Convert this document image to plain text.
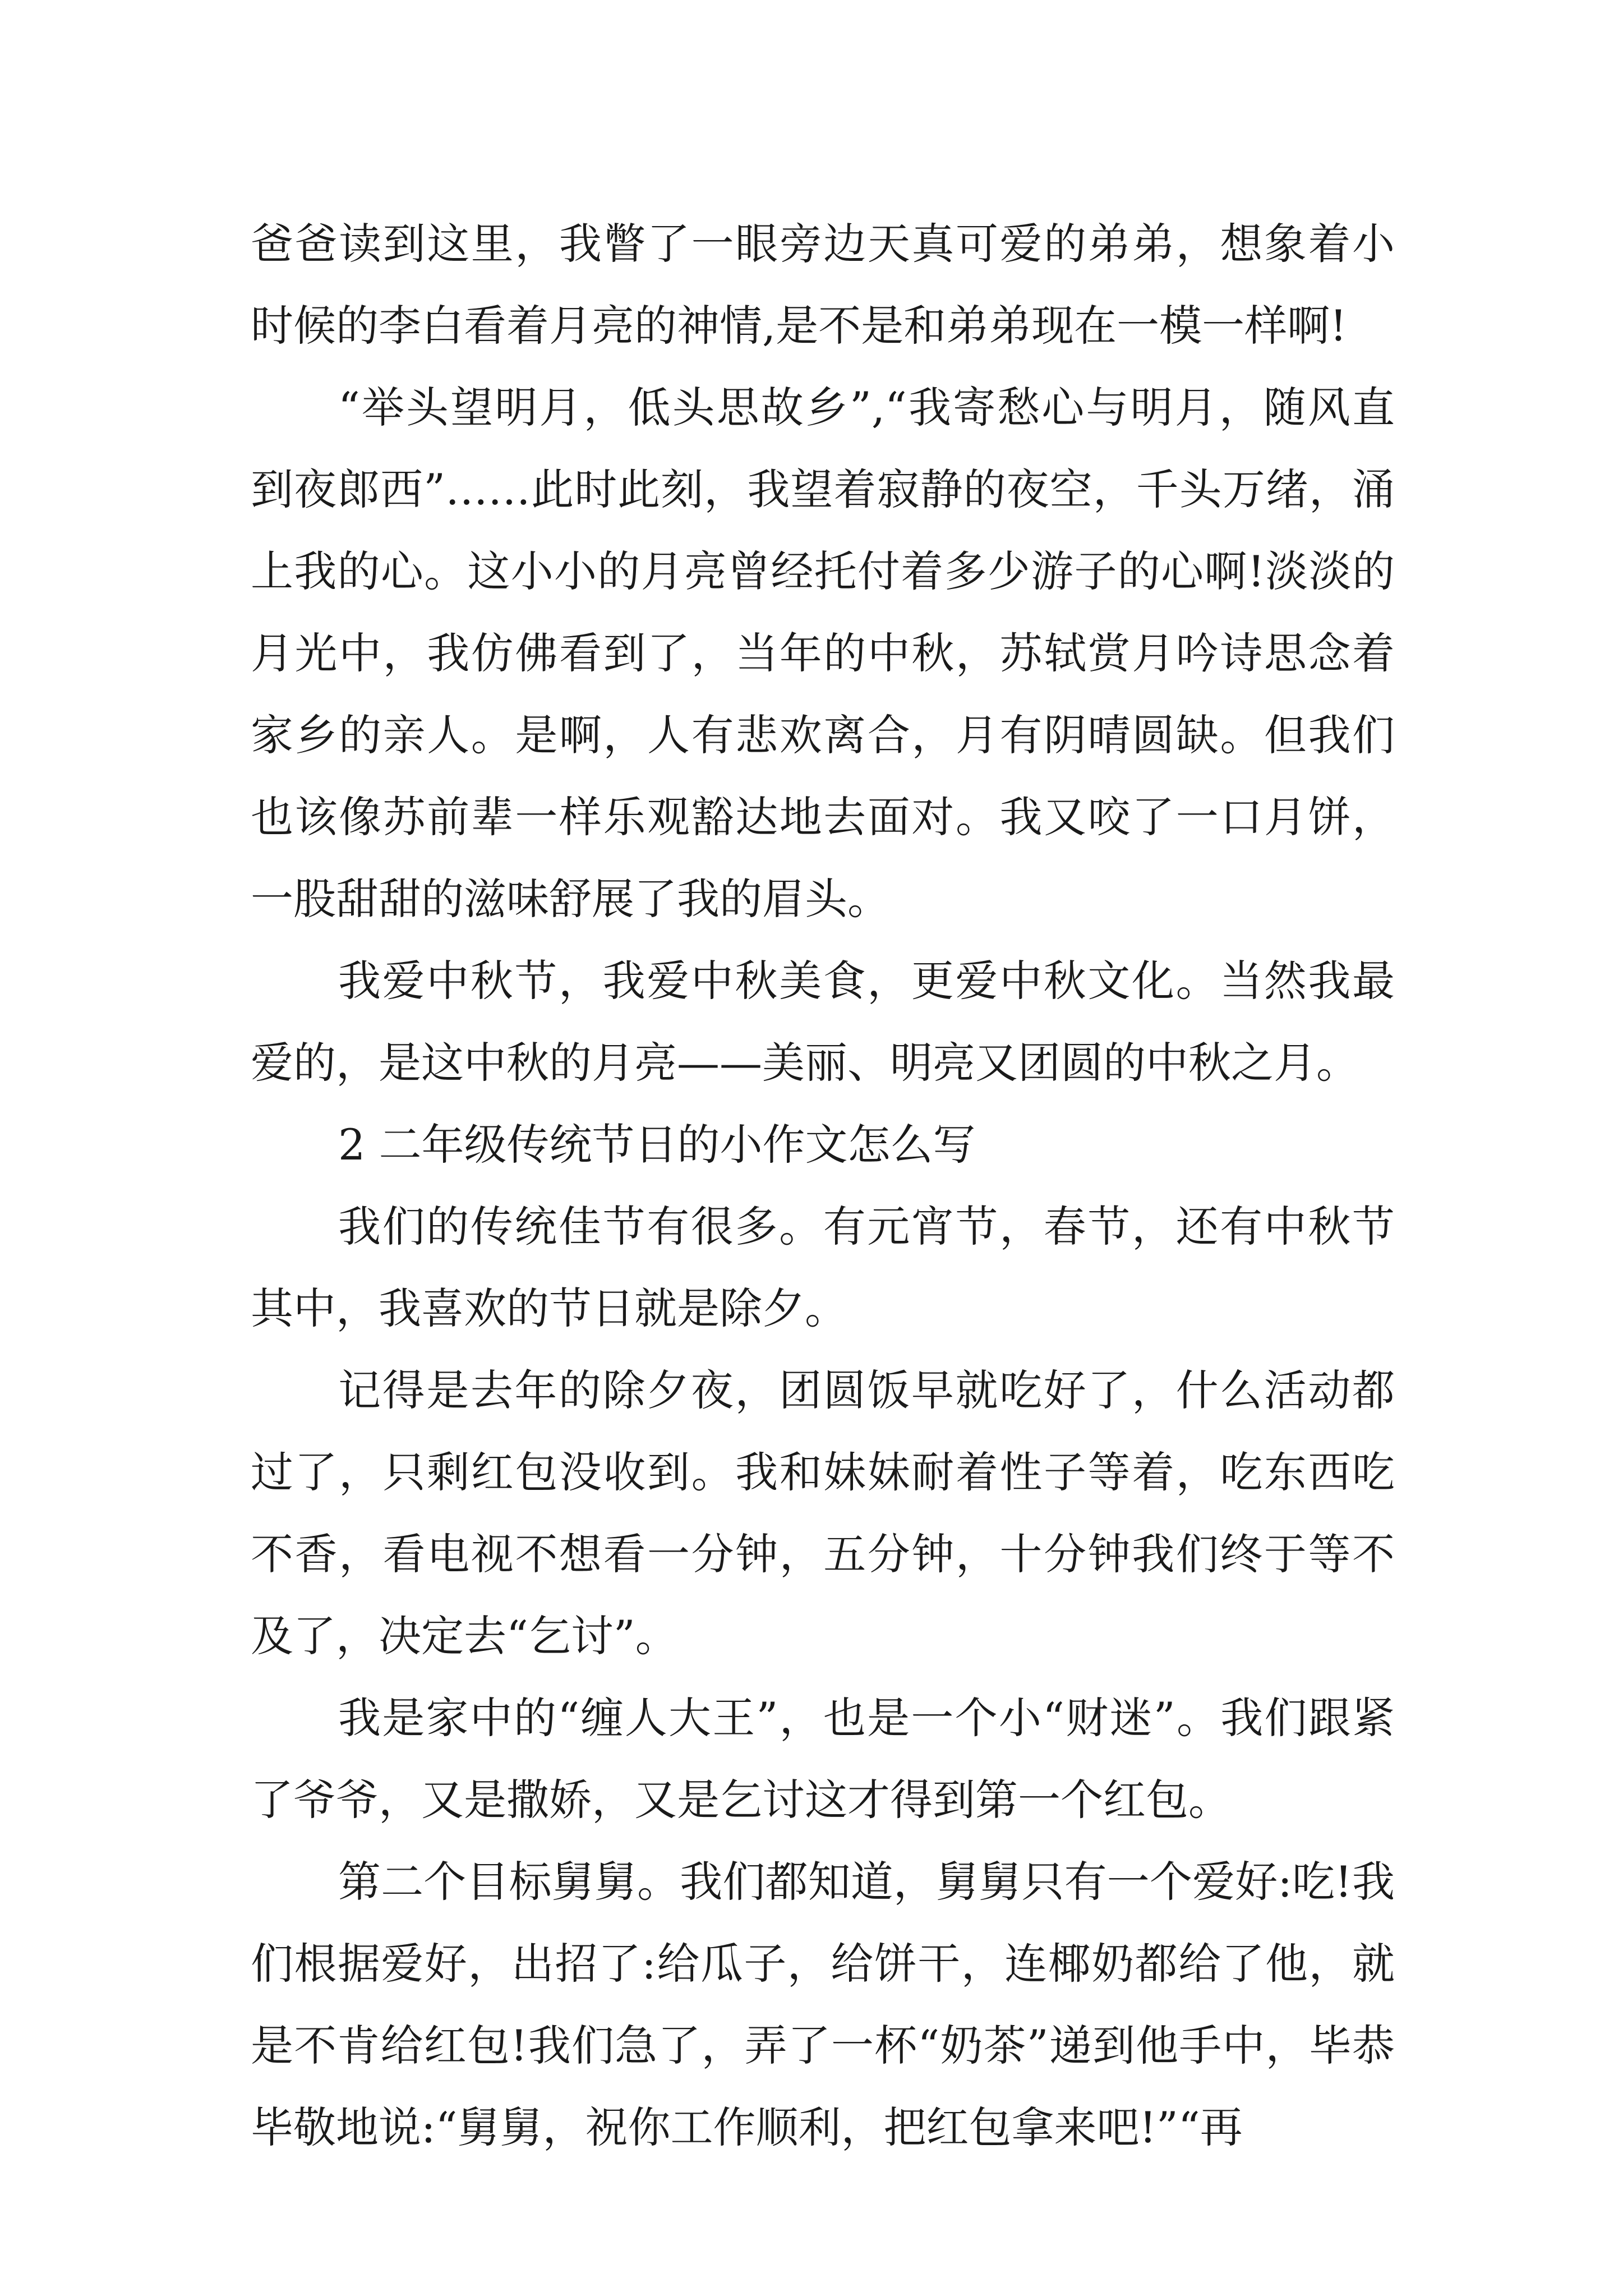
爸爸读到这里，我瞥了一眼旁边天真可爱的弟弟，想象着小时候的李白看着月亮的神情,是不是和弟弟现在一模一样啊!

“举头望明月，低头思故乡”,“我寄愁心与明月，随风直到夜郎西”……此时此刻，我望着寂静的夜空，千头万绪，涌上我的心。这小小的月亮曾经托付着多少游子的心啊!淡淡的月光中，我仿佛看到了，当年的中秋，苏轼赏月吟诗思念着家乡的亲人。是啊，人有悲欢离合，月有阴晴圆缺。但我们也该像苏前辈一样乐观豁达地去面对。我又咬了一口月饼，一股甜甜的滋味舒展了我的眉头。

我爱中秋节，我爱中秋美食，更爱中秋文化。当然我最爱的，是这中秋的月亮——美丽、明亮又团圆的中秋之月。

2 二年级传统节日的小作文怎么写

我们的传统佳节有很多。有元宵节，春节，还有中秋节其中，我喜欢的节日就是除夕。

记得是去年的除夕夜，团圆饭早就吃好了，什么活动都过了，只剩红包没收到。我和妹妹耐着性子等着，吃东西吃不香，看电视不想看一分钟，五分钟，十分钟我们终于等不及了，决定去“乞讨”。

我是家中的“缠人大王”，也是一个小“财迷”。我们跟紧了爷爷，又是撒娇，又是乞讨这才得到第一个红包。

第二个目标舅舅。我们都知道，舅舅只有一个爱好:吃!我们根据爱好，出招了:给瓜子，给饼干，连椰奶都给了他，就是不肯给红包!我们急了，弄了一杯“奶茶”递到他手中，毕恭毕敬地说:“舅舅，祝你工作顺利，把红包拿来吧!”“再
